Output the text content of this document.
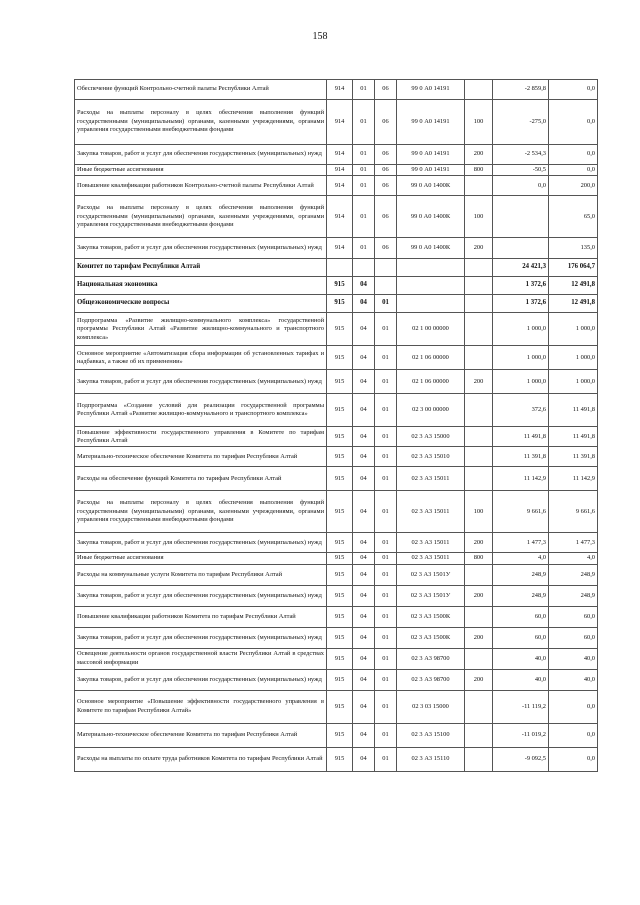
158
Обеспечение функций Контрольно-счетной палаты Республики Алтай	914	01	06	99 0 А0 14191		-2 859,8	0,0
Расходы на выплаты персоналу в целях обеспечения выполнения функций государственными (муниципальными) органами, казенными учреждениями, органами управления государственными внебюджетными фондами	914	01	06	99 0 А0 14191	100	-275,0	0,0
Закупка товаров, работ и услуг для обеспечения государственных (муниципальных) нужд	914	01	06	99 0 А0 14191	200	-2 534,3	0,0
Иные бюджетные ассигнования	914	01	06	99 0 А0 14191	800	-50,5	0,0
Повышение квалификации работников Контрольно-счетной палаты Республики Алтай	914	01	06	99 0 А0 1400К		0,0	200,0
Расходы на выплаты персоналу в целях обеспечения выполнения функций государственными (муниципальными) органами, казенными учреждениями, органами управления государственными внебюджетными фондами	914	01	06	99 0 А0 1400К	100		65,0
Закупка товаров, работ и услуг для обеспечения государственных (муниципальных) нужд	914	01	06	99 0 А0 1400К	200		135,0
Комитет по тарифам Республики Алтай						24 421,3	176 064,7
Национальная экономика	915	04				1 372,6	12 491,8
Общеэкономические вопросы	915	04	01			1 372,6	12 491,8
Подпрограмма «Развитие жилищно-коммунального комплекса» государственной программы Республики Алтай «Развитие жилищно-коммунального и транспортного комплекса»	915	04	01	02 1 00 00000		1 000,0	1 000,0
Основное мероприятие «Автоматизация сбора информации об установленных тарифах и надбавках, а также об их применении»	915	04	01	02 1 06 00000		1 000,0	1 000,0
Закупка товаров, работ и услуг для обеспечения государственных (муниципальных) нужд	915	04	01	02 1 06 00000	200	1 000,0	1 000,0
Подпрограмма «Создание условий для реализации государственной программы Республики Алтай «Развитие жилищно-коммунального и транспортного комплекса»	915	04	01	02 3 00 00000		372,6	11 491,8
Повышение эффективности государственного управления в Комитете по тарифам Республики Алтай	915	04	01	02 3 А3 15000		11 491,8	11 491,8
Материально-техническое обеспечение Комитета по тарифам Республики Алтай	915	04	01	02 3 А3 15010		11 391,8	11 391,8
Расходы на обеспечение функций Комитета по тарифам Республики Алтай	915	04	01	02 3 А3 15011		11 142,9	11 142,9
Расходы на выплаты персоналу в целях обеспечения выполнения функций государственными (муниципальными) органами, казенными учреждениями, органами управления государственными внебюджетными фондами	915	04	01	02 3 А3 15011	100	9 661,6	9 661,6
Закупка товаров, работ и услуг для обеспечения государственных (муниципальных) нужд	915	04	01	02 3 А3 15011	200	1 477,3	1 477,3
Иные бюджетные ассигнования	915	04	01	02 3 А3 15011	800	4,0	4,0
Расходы на коммунальные услуги Комитета по тарифам Республики Алтай	915	04	01	02 3 А3 1501У		248,9	248,9
Закупка товаров, работ и услуг для обеспечения государственных (муниципальных) нужд	915	04	01	02 3 А3 1501У	200	248,9	248,9
Повышение квалификации работников Комитета по тарифам Республики Алтай	915	04	01	02 3 А3 1500К		60,0	60,0
Закупка товаров, работ и услуг для обеспечения государственных (муниципальных) нужд	915	04	01	02 3 А3 1500К	200	60,0	60,0
Освещение деятельности органов государственной власти Республики Алтай в средствах массовой информации	915	04	01	02 3 А3 98700		40,0	40,0
Закупка товаров, работ и услуг для обеспечения государственных (муниципальных) нужд	915	04	01	02 3 А3 98700	200	40,0	40,0
Основное мероприятие «Повышение эффективности государственного управления в Комитете по тарифам Республики Алтай»	915	04	01	02 3 03 15000		-11 119,2	0,0
Материально-техническое обеспечение Комитета по тарифам Республики Алтай	915	04	01	02 3 А3 15100		-11 019,2	0,0
Расходы на выплаты по оплате труда работников Комитета по тарифам Республики Алтай	915	04	01	02 3 А3 15110		-9 092,5	0,0
